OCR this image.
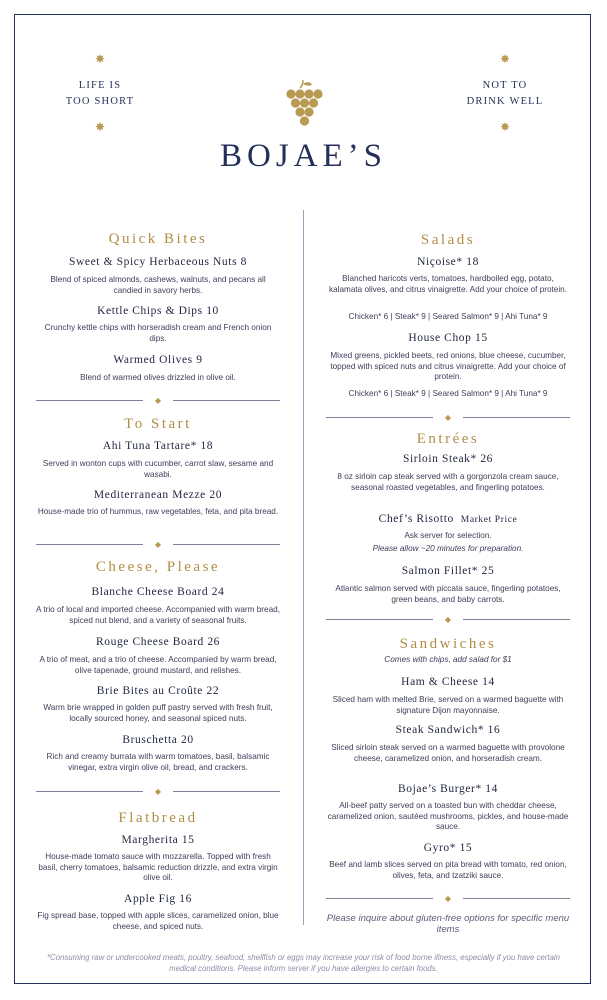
✸
✸
✸
✸
LIFE IS
TOO SHORT
NOT TO
DRINK WELL
BOJAE’S
Quick Bites
Sweet & Spicy Herbaceous Nuts 8
Blend of spiced almonds, cashews, walnuts, and pecans all candied in savory herbs.
Kettle Chips & Dips 10
Crunchy kettle chips with horseradish cream and French onion dips.
Warmed Olives 9
Blend of warmed olives drizzled in olive oil.
◆
To Start
Ahi Tuna Tartare* 18
Served in wonton cups with cucumber, carrot slaw, sesame and wasabi.
Mediterranean Mezze 20
House-made trio of hummus, raw vegetables, feta, and pita bread.
◆
Cheese, Please
Blanche Cheese Board 24
A trio of local and imported cheese. Accompanied with warm bread, spiced nut blend, and a variety of seasonal fruits.
Rouge Cheese Board 26
A trio of meat, and a trio of cheese. Accompanied by warm bread, olive tapenade, ground mustard, and relishes.
Brie Bites au Croûte 22
Warm brie wrapped in golden puff pastry served with fresh fruit, locally sourced honey, and seasonal spiced nuts.
Bruschetta 20
Rich and creamy burrata with warm tomatoes, basil, balsamic vinegar, extra virgin olive oil, bread, and crackers.
◆
Flatbread
Margherita 15
House-made tomato sauce with mozzarella. Topped with fresh basil, cherry tomatoes, balsamic reduction drizzle, and extra virgin olive oil.
Apple Fig 16
Fig spread base, topped with apple slices, caramelized onion, blue cheese, and spiced nuts.
Salads
Niçoise* 18
Blanched haricots verts, tomatoes, hardboiled egg, potato, kalamata olives, and citrus vinaigrette. Add your choice of protein.
Chicken* 6 | Steak* 9 | Seared Salmon* 9 | Ahi Tuna* 9
House Chop 15
Mixed greens, pickled beets, red onions, blue cheese, cucumber, topped with spiced nuts and citrus vinaigrette. Add your choice of protein.
Chicken* 6 | Steak* 9 | Seared Salmon* 9 | Ahi Tuna* 9
◆
Entrées
Sirloin Steak* 26
8 oz sirloin cap steak served with a gorgonzola cream sauce, seasonal roasted vegetables, and fingerling potatoes.
Chef’s Risotto Market Price
Ask server for selection.
Please allow ~20 minutes for preparation.
Salmon Fillet* 25
Atlantic salmon served with piccata sauce, fingerling potatoes, green beans, and baby carrots.
◆
Sandwiches
Comes with chips, add salad for $1
Ham & Cheese 14
Sliced ham with melted Brie, served on a warmed baguette with signature Dijon mayonnaise.
Steak Sandwich* 16
Sliced sirloin steak served on a warmed baguette with provolone cheese, caramelized onion, and horseradish cream.
Bojae’s Burger* 14
All-beef patty served on a toasted bun with cheddar cheese, caramelized onion, sautéed mushrooms, pickles, and house-made sauce.
Gyro* 15
Beef and lamb slices served on pita bread with tomato, red onion, olives, feta, and tzatziki sauce.
◆
Please inquire about gluten-free options for specific menu items
*Consuming raw or undercooked meats, poultry, seafood, shellfish or eggs may increase your risk of food borne illness, especially if you have certain medical conditions. Please inform server if you have allergies to certain foods.
